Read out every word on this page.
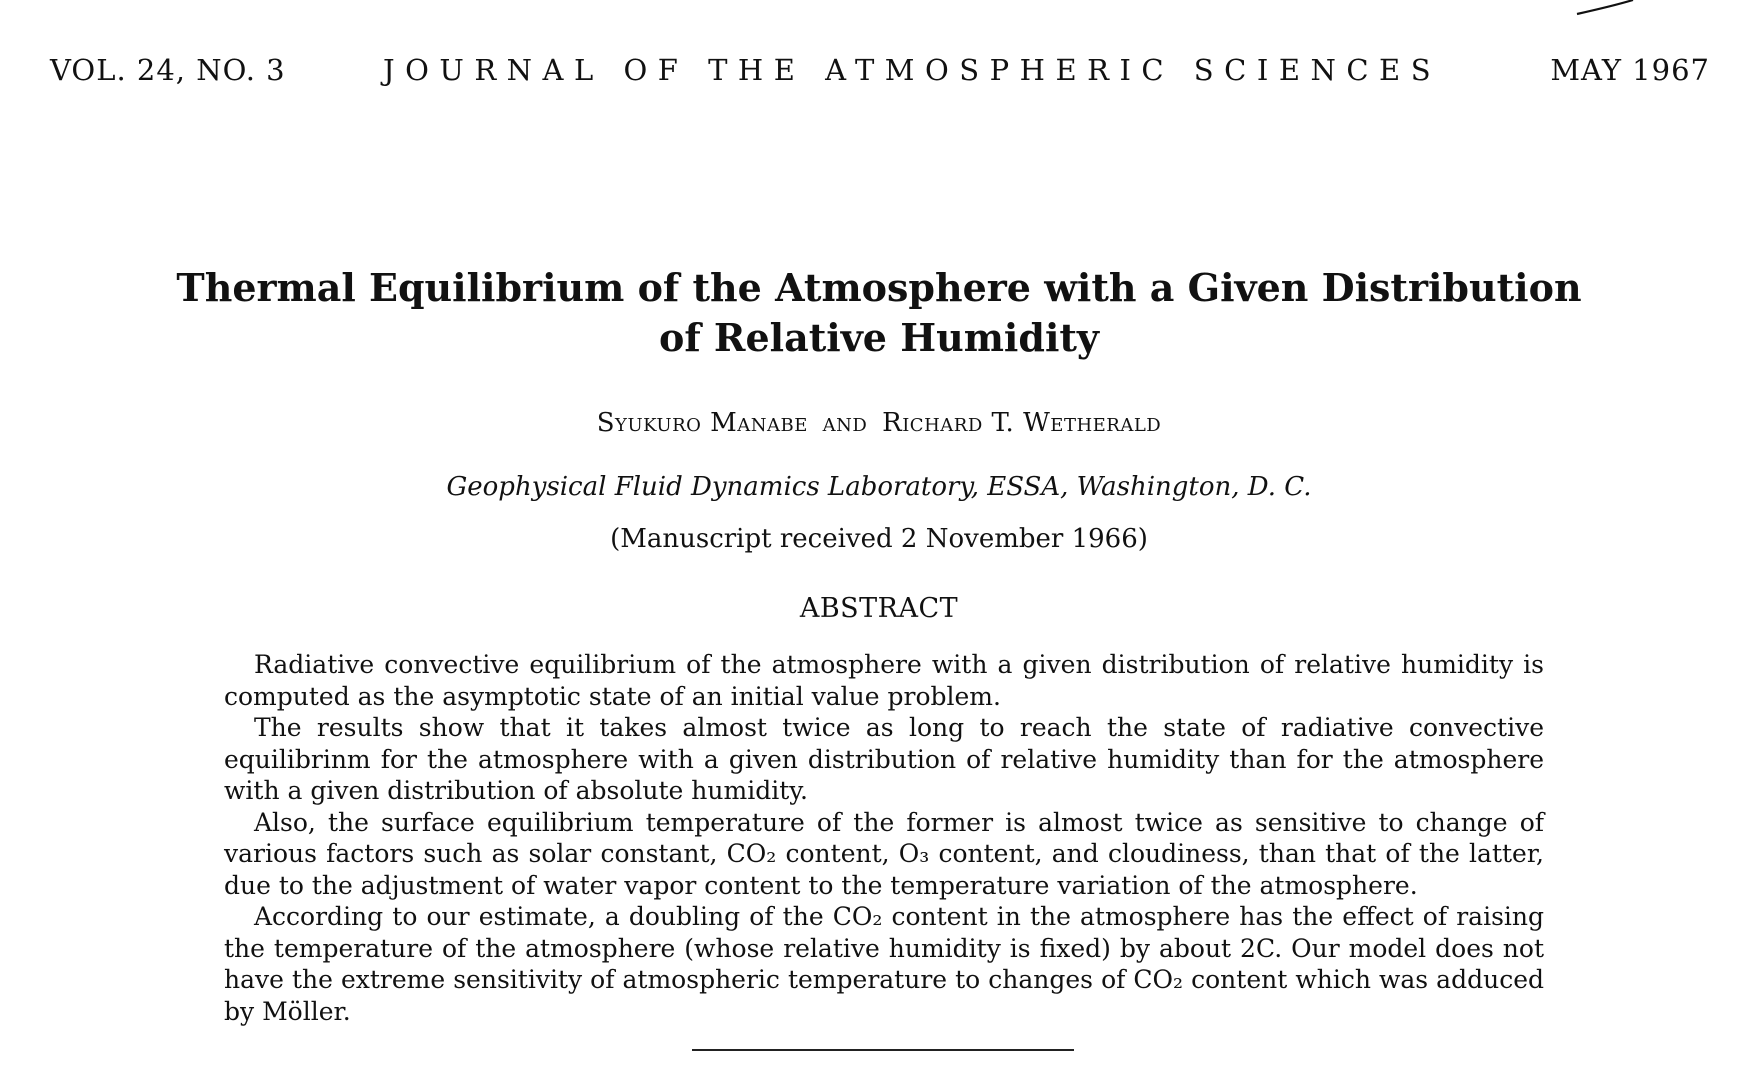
VOL. 24, NO. 3	JOURNAL OF THE ATMOSPHERIC SCIENCES	MAY 1967
Thermal Equilibrium of the Atmosphere with a Given Distribution
of Relative Humidity
Syukuro Manabe and Richard T. Wetherald
Geophysical Fluid Dynamics Laboratory, ESSA, Washington, D. C.
(Manuscript received 2 November 1966)
ABSTRACT

Radiative convective equilibrium of the atmosphere with a given distribution of relative humidity is computed as the asymptotic state of an initial value problem.

The results show that it takes almost twice as long to reach the state of radiative convective equilibrinm for the atmosphere with a given distribution of relative humidity than for the atmosphere with a given distribution of absolute humidity.

Also, the surface equilibrium temperature of the former is almost twice as sensitive to change of various factors such as solar constant, CO₂ content, O₃ content, and cloudiness, than that of the latter, due to the adjustment of water vapor content to the temperature variation of the atmosphere.

According to our estimate, a doubling of the CO₂ content in the atmosphere has the effect of raising the temperature of the atmosphere (whose relative humidity is fixed) by about 2C. Our model does not have the extreme sensitivity of atmospheric temperature to changes of CO₂ content which was adduced by Möller.
